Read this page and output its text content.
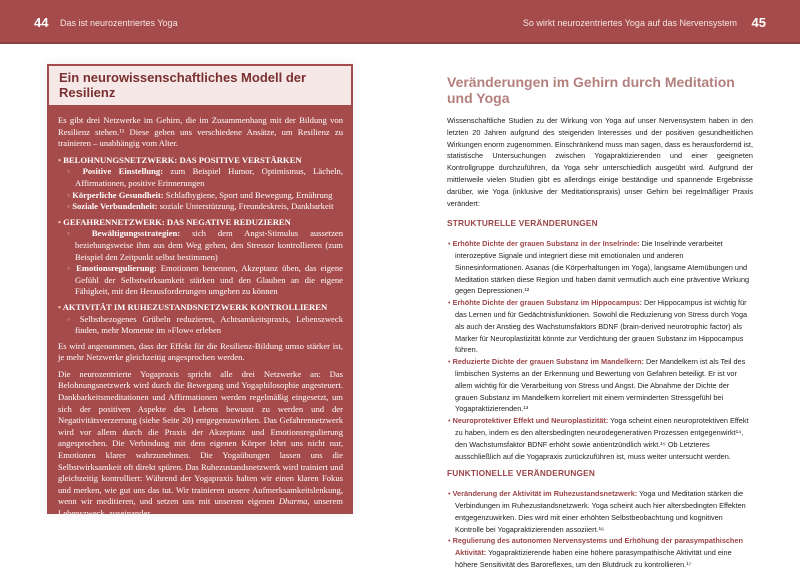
44 Das ist neurozentriertes Yoga	So wirkt neurozentriertes Yoga auf das Nervensystem 45
Ein neurowissenschaftliches Modell der Resilienz

Es gibt drei Netzwerke im Gehirn, die im Zusammenhang mit der Bildung von Resilienz stehen.¹¹ Diese geben uns verschiedene Ansätze, um Resilienz zu trainieren – unabhängig vom Alter.

• BELOHNUNGSNETZWERK: DAS POSITIVE VERSTÄRKEN
◦ Positive Einstellung: zum Beispiel Humor, Optimismus, Lächeln, Affirmationen, positive Erinnerungen
◦ Körperliche Gesundheit: Schlafhygiene, Sport und Bewegung, Ernährung
◦ Soziale Verbundenheit: soziale Unterstützung, Freundeskreis, Dankbarkeit
• GEFAHRENNETZWERK: DAS NEGATIVE REDUZIEREN
◦ Bewältigungsstrategien: sich dem Angst-Stimulus aussetzen beziehungsweise ihm aus dem Weg gehen, den Stressor kontrollieren (zum Beispiel den Zeitpunkt selbst bestimmen)
◦ Emotionsregulierung: Emotionen benennen, Akzeptanz üben, das eigene Gefühl der Selbstwirksamkeit stärken und den Glauben an die eigene Fähigkeit, mit den Herausforderungen umgehen zu können
• AKTIVITÄT IM RUHEZUSTANDSNETZWERK KONTROLLIEREN
◦ Selbstbezogenes Grübeln reduzieren, Achtsamkeitspraxis, Lebenszweck finden, mehr Momente im »Flow« erleben

Es wird angenommen, dass der Effekt für die Resilienz-Bildung umso stärker ist, je mehr Netzwerke gleichzeitig angesprochen werden.

Die neurozentrierte Yogapraxis spricht alle drei Netzwerke an: Das Belohnungsnetzwerk wird durch die Bewegung und Yogaphilosophie angesteuert. Dankbarkeitsmeditationen und Affirmationen werden regelmäßig eingesetzt, um sich der positiven Aspekte des Lebens bewusst zu werden und der Negativitätsverzerrung (siehe Seite 20) entgegenzuwirken. Das Gefahrennetzwerk wird vor allem durch die Praxis der Akzeptanz und Emotionsregulierung angesprochen. Die Verbindung mit dem eigenen Körper lehrt uns nicht nur, Emotionen klarer wahrzunehmen. Die Yogaübungen lassen uns die Selbstwirksamkeit oft direkt spüren. Das Ruhezustandsnetzwerk wird trainiert und gleichzeitig kontrolliert: Während der Yogapraxis halten wir einen klaren Fokus und merken, wie gut uns das tut. Wir trainieren unsere Aufmerksamkeitslenkung, wenn wir meditieren, und setzen uns mit unserem eigenen Dharma, unserem Lebenszweck, auseinander.

Veränderungen im Gehirn durch Meditation und Yoga

Wissenschaftliche Studien zu der Wirkung von Yoga auf unser Nervensystem haben in den letzten 20 Jahren aufgrund des steigenden Interesses und der positiven gesundheitlichen Wirkungen enorm zugenommen. Einschränkend muss man sagen, dass es herausfordernd ist, statistische Untersuchungen zwischen Yogapraktizierenden und einer geeigneten Kontrollgruppe durchzuführen, da Yoga sehr unterschiedlich ausgeübt wird. Aufgrund der mittlerweile vielen Studien gibt es allerdings einige beständige und spannende Ergebnisse darüber, wie Yoga (inklusive der Meditationspraxis) unser Gehirn bei regelmäßiger Praxis verändert:

STRUKTURELLE VERÄNDERUNGEN

• Erhöhte Dichte der grauen Substanz in der Inselrinde: Die Inselrinde verarbeitet interozeptive Signale und integriert diese mit emotionalen und anderen Sinnesinformationen. Asanas (die Körperhaltungen im Yoga), langsame Atemübungen und Meditation stärken diese Region und haben damit vermutlich auch eine präventive Wirkung gegen Depressionen.¹²

• Erhöhte Dichte der grauen Substanz im Hippocampus: Der Hippocampus ist wichtig für das Lernen und für Gedächtnisfunktionen. Sowohl die Reduzierung von Stress durch Yoga als auch der Anstieg des Wachstumsfaktors BDNF (brain-derived neurotrophic factor) als Marker für Neuroplastizität könnte zur Verdichtung der grauen Substanz im Hippocampus führen.

• Reduzierte Dichte der grauen Substanz im Mandelkern: Der Mandelkern ist als Teil des limbischen Systems an der Erkennung und Bewertung von Gefahren beteiligt. Er ist vor allem wichtig für die Verarbeitung von Stress und Angst. Die Abnahme der Dichte der grauen Substanz im Mandelkern korreliert mit einem verminderten Stressgefühl bei Yogapraktizierenden.¹³

• Neuroprotektiver Effekt und Neuroplastizität: Yoga scheint einen neuroprotektiven Effekt zu haben, indem es den altersbedingten neurodegenerativen Prozessen entgegenwirkt¹⁴, den Wachstumsfaktor BDNF erhöht sowie antientzündlich wirkt.¹⁵ Ob Letzteres ausschließlich auf die Yogapraxis zurückzuführen ist, muss weiter untersucht werden.

FUNKTIONELLE VERÄNDERUNGEN

• Veränderung der Aktivität im Ruhezustandsnetzwerk: Yoga und Meditation stärken die Verbindungen im Ruhezustandsnetzwerk. Yoga scheint auch hier altersbedingten Effekten entgegenzuwirken. Dies wird mit einer erhöhten Selbstbeobachtung und kognitiven Kontrolle bei Yogapraktizierenden assoziiert.¹⁶

• Regulierung des autonomen Nervensystems und Erhöhung der parasympathischen Aktivität: Yogapraktizierende haben eine höhere parasympathische Aktivität und eine höhere Sensitivität des Baroreflexes, um den Blutdruck zu kontrollieren.¹⁷
